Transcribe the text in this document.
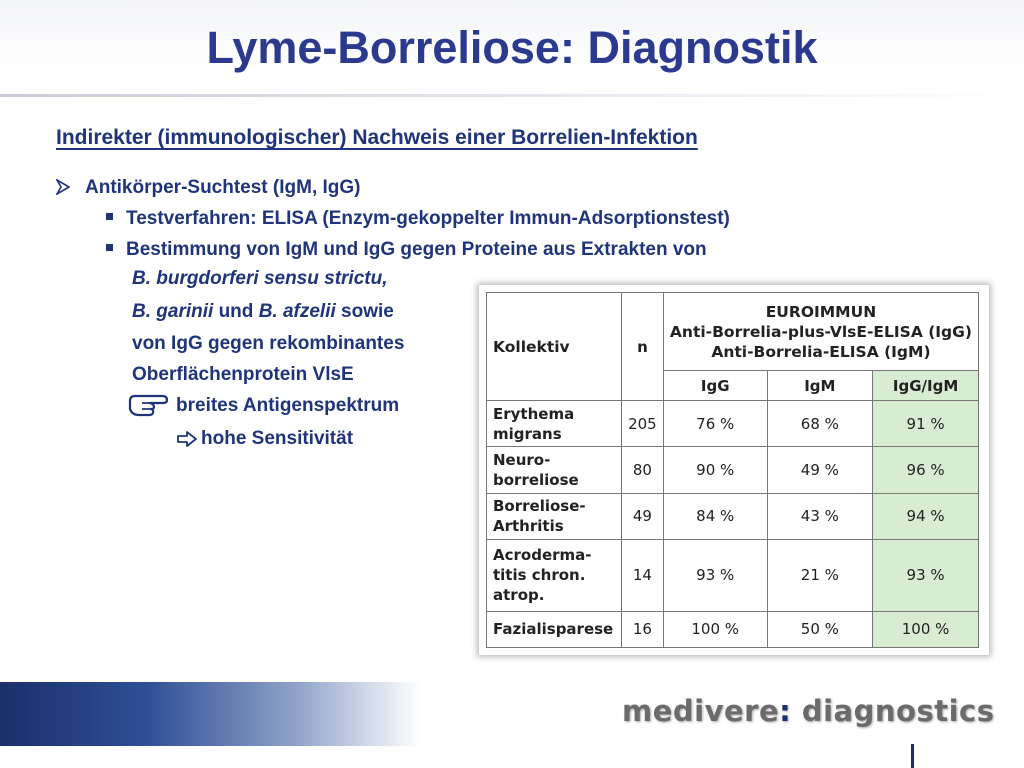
Lyme-Borreliose: Diagnostik
Indirekter (immunologischer) Nachweis einer Borrelien-Infektion
Antikörper-Suchtest (IgM, IgG)
Testverfahren: ELISA (Enzym-gekoppelter Immun-Adsorptionstest)
Bestimmung von IgM und IgG gegen Proteine aus Extrakten von
B. burgdorferi sensu strictu,
B. garinii und B. afzelii sowie
von IgG gegen rekombinantes
Oberflächenprotein VlsE
breites Antigenspektrum
hohe Sensitivität
Kollektiv	n	EUROIMMUN
Anti-Borrelia-plus-VlsE-ELISA (IgG)
Anti-Borrelia-ELISA (IgM)		

		IgG	IgM	IgG/IgM
Erythema migrans	205	76 %	68 %	91 %
Neuro- borreliose	80	90 %	49 %	96 %
Borreliose- Arthritis	49	84 %	43 %	94 %
Acroderma- titis chron. atrop.	14	93 %	21 %	93 %
Fazialisparese	16	100 %	50 %	100 %
medivere: diagnostics
